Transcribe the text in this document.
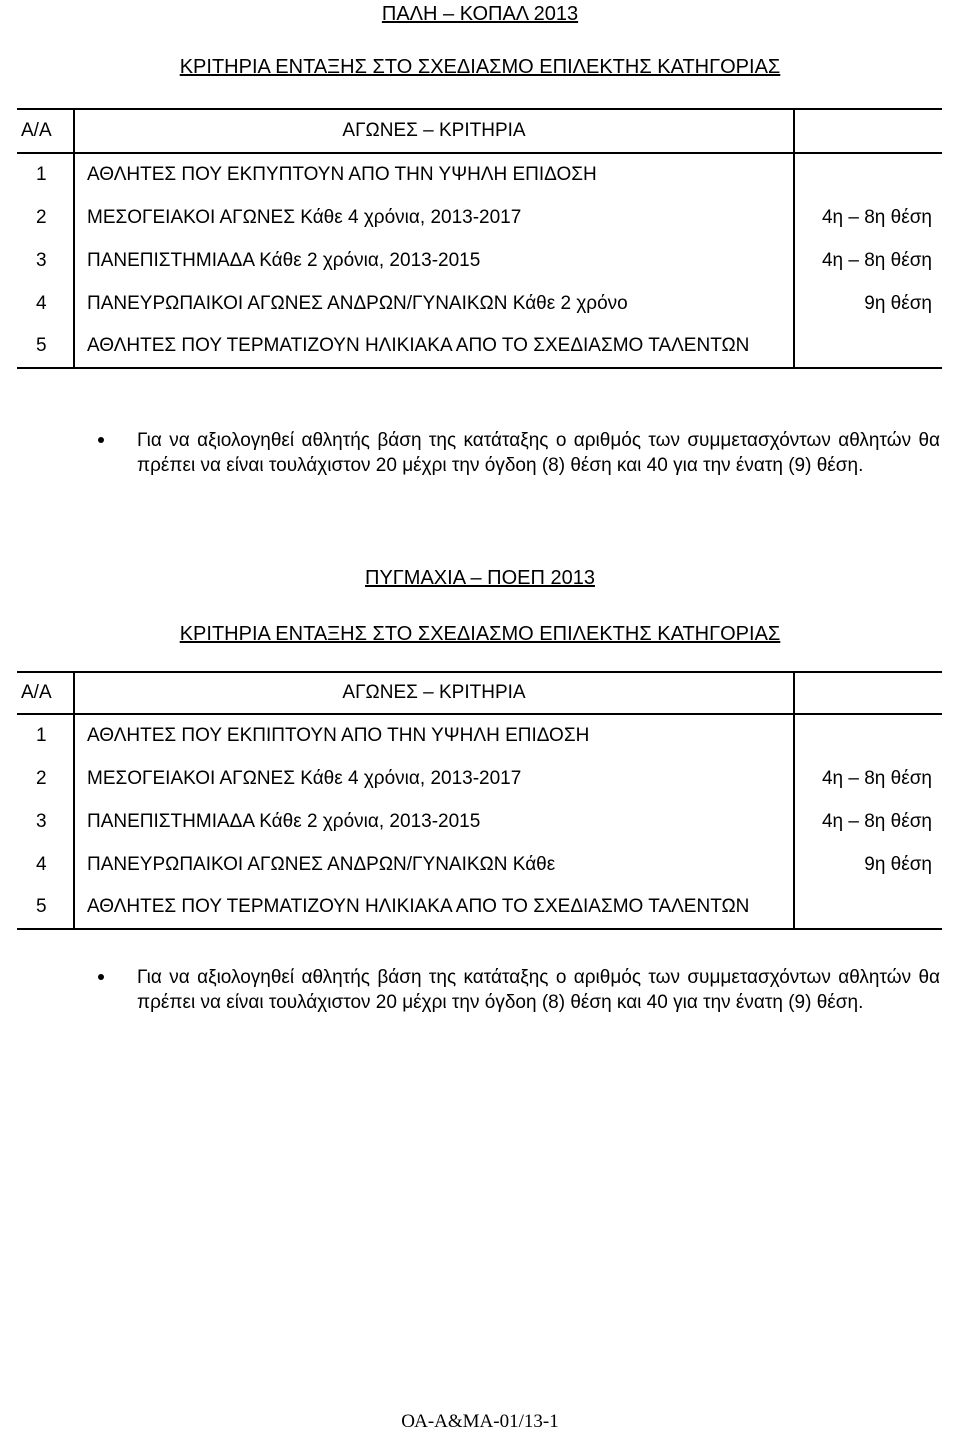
ΠΑΛΗ – ΚΟΠΑΛ 2013
ΚΡΙΤΗΡΙΑ ΕΝΤΑΞΗΣ ΣΤΟ ΣΧΕΔΙΑΣΜΟ ΕΠΙΛΕΚΤΗΣ ΚΑΤΗΓΟΡΙΑΣ
Α/Α	ΑΓΩΝΕΣ – ΚΡΙΤΗΡΙΑ	
1	ΑΘΛΗΤΕΣ ΠΟΥ ΕΚΠΥΠΤΟΥΝ ΑΠΟ ΤΗΝ ΥΨΗΛΗ ΕΠΙΔΟΣΗ	
2	ΜΕΣΟΓΕΙΑΚΟΙ ΑΓΩΝΕΣ Κάθε 4 χρόνια, 2013-2017	4η – 8η θέση
3	ΠΑΝΕΠΙΣΤΗΜΙΑΔΑ Κάθε 2 χρόνια, 2013-2015	4η – 8η θέση
4	ΠΑΝΕΥΡΩΠΑΙΚΟΙ ΑΓΩΝΕΣ ΑΝΔΡΩΝ/ΓΥΝΑΙΚΩΝ Κάθε 2 χρόνο	9η θέση
5	ΑΘΛΗΤΕΣ ΠΟΥ ΤΕΡΜΑΤΙΖΟΥΝ ΗΛΙΚΙΑΚΑ ΑΠΟ ΤΟ ΣΧΕΔΙΑΣΜΟ ΤΑΛΕΝΤΩΝ	
Για να αξιολογηθεί αθλητής βάση της κατάταξης ο αριθμός των συμμετασχόντων αθλητών θα πρέπει να είναι τουλάχιστον 20 μέχρι την όγδοη (8) θέση και 40 για την ένατη (9) θέση.
ΠΥΓΜΑΧΙΑ – ΠΟΕΠ 2013
ΚΡΙΤΗΡΙΑ ΕΝΤΑΞΗΣ ΣΤΟ ΣΧΕΔΙΑΣΜΟ ΕΠΙΛΕΚΤΗΣ ΚΑΤΗΓΟΡΙΑΣ
Α/Α	ΑΓΩΝΕΣ – ΚΡΙΤΗΡΙΑ	
1	ΑΘΛΗΤΕΣ ΠΟΥ ΕΚΠΙΠΤΟΥΝ ΑΠΟ ΤΗΝ ΥΨΗΛΗ ΕΠΙΔΟΣΗ	
2	ΜΕΣΟΓΕΙΑΚΟΙ ΑΓΩΝΕΣ Κάθε 4 χρόνια, 2013-2017	4η – 8η θέση
3	ΠΑΝΕΠΙΣΤΗΜΙΑΔΑ Κάθε 2 χρόνια, 2013-2015	4η – 8η θέση
4	ΠΑΝΕΥΡΩΠΑΙΚΟΙ ΑΓΩΝΕΣ ΑΝΔΡΩΝ/ΓΥΝΑΙΚΩΝ Κάθε	9η θέση
5	ΑΘΛΗΤΕΣ ΠΟΥ ΤΕΡΜΑΤΙΖΟΥΝ ΗΛΙΚΙΑΚΑ ΑΠΟ ΤΟ ΣΧΕΔΙΑΣΜΟ ΤΑΛΕΝΤΩΝ	
Για να αξιολογηθεί αθλητής βάση της κατάταξης ο αριθμός των συμμετασχόντων αθλητών θα πρέπει να είναι τουλάχιστον 20 μέχρι την όγδοη (8) θέση και 40 για την ένατη (9) θέση.
ΟΑ-Α&ΜΑ-01/13-1
